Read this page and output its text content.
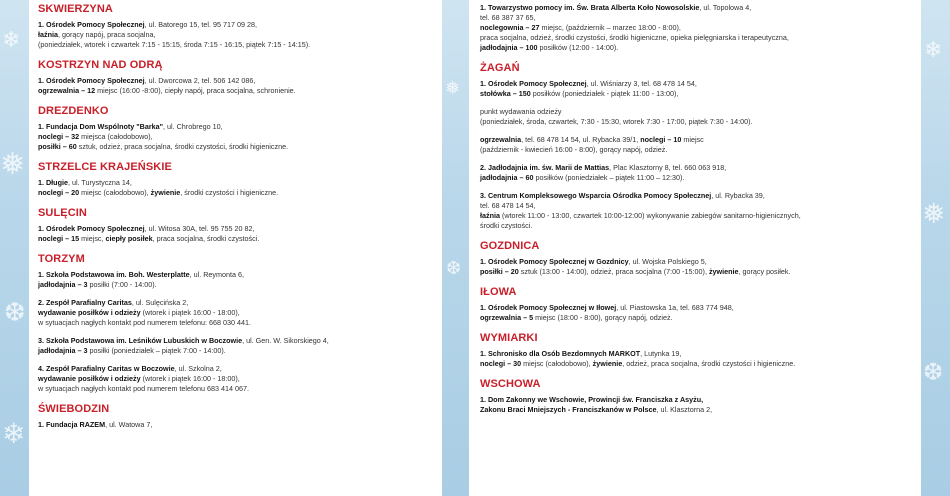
❄
❅
❆
❄
❅
❆
❄
❅
❆
SKWIERZYNA

1. Ośrodek Pomocy Społecznej, ul. Batorego 15, tel. 95 717 09 28,

łaźnia, gorący napój, praca socjalna,

(poniedziałek, wtorek i czwartek 7:15 - 15:15, środa 7:15 - 16:15, piątek 7:15 - 14:15).

KOSTRZYN NAD ODRĄ

1. Ośrodek Pomocy Społecznej, ul. Dworcowa 2, tel. 506 142 086,

ogrzewalnia – 12 miejsc (16:00 -8:00), ciepły napój, praca socjalna, schronienie.

DREZDENKO

1. Fundacja Dom Wspólnoty "Barka", ul. Chrobrego 10,

noclegi – 32 miejsca (całodobowo),

posiłki – 60 sztuk, odzież, praca socjalna, środki czystości, środki higieniczne.

STRZELCE KRAJEŃSKIE

1. Długie, ul. Turystyczna 14,

noclegi – 20 miejsc (całodobowo), żywienie, środki czystości i higieniczne.

SULĘCIN

1. Ośrodek Pomocy Społecznej, ul. Witosa 30A, tel. 95 755 20 82,

noclegi – 15 miejsc, ciepły posiłek, praca socjalna, środki czystości.

TORZYM

1. Szkoła Podstawowa im. Boh. Westerplatte, ul. Reymonta 6,

jadłodajnia – 3 posiłki (7:00 - 14:00).

2. Zespół Parafialny Caritas, ul. Sulęcińska 2,

wydawanie posiłków i odzieży (wtorek i piątek 16:00 - 18:00),

w sytuacjach nagłych kontakt pod numerem telefonu: 668 030 441.

3. Szkoła Podstawowa im. Leśników Lubuskich w Boczowie, ul. Gen. W. Sikorskiego 4,

jadłodajnia – 3 posiłki (poniedziałek – piątek 7:00 - 14:00).

4. Zespół Parafialny Caritas w Boczowie, ul. Szkolna 2,

wydawanie posiłków i odzieży (wtorek i piątek 16:00 - 18:00),

w sytuacjach nagłych kontakt pod numerem telefonu 683 414 067.

ŚWIEBODZIN

1. Fundacja RAZEM, ul. Watowa 7,

1. Towarzystwo pomocy im. Św. Brata Alberta Koło Nowosolskie, ul. Topolowa 4,

tel. 68 387 37 65,

noclegownia – 27 miejsc, (październik – marzec 18:00 - 8:00),

praca socjalna, odzież, środki czystości, środki higieniczne, opieka pielęgniarska i terapeutyczna,

jadłodajnia – 100 posiłków (12:00 - 14:00).

ŻAGAŃ

1. Ośrodek Pomocy Społecznej, ul. Wiśniarzy 3, tel. 68 478 14 54,

stołówka – 150 posiłków (poniedziałek - piątek 11:00 - 13:00),

punkt wydawania odzieży

(poniedziałek, środa, czwartek, 7:30 - 15:30, wtorek 7:30 - 17:00, piątek 7:30 - 14:00).

ogrzewalnia, tel. 68 478 14 54, ul. Rybacka 39/1, noclegi – 10 miejsc

(październik - kwiecień 16:00 - 8:00), gorący napój, odzież.

2. Jadłodajnia im. św. Marii de Mattias, Plac Klasztorny 8, tel. 660 063 918,

jadłodajnia – 60 posiłków (poniedziałek – piątek 11:00 – 12:30).

3. Centrum Kompleksowego Wsparcia Ośrodka Pomocy Społecznej, ul. Rybacka 39,

tel. 68 478 14 54,

łaźnia (wtorek 11:00 - 13:00, czwartek 10:00-12:00) wykonywanie zabiegów sanitarno-higienicznych,

środki czystości.

GOZDNICA

1. Ośrodek Pomocy Społecznej w Gozdnicy, ul. Wojska Polskiego 5,

posiłki – 20 sztuk (13:00 - 14:00), odzież, praca socjalna (7:00 -15:00), żywienie, gorący posiłek.

IŁOWA

1. Ośrodek Pomocy Społecznej w Iłowej, ul. Piastowska 1a, tel. 683 774 948,

ogrzewalnia – 5 miejsc (18:00 - 8:00), gorący napój, odzież.

WYMIARKI

1. Schronisko dla Osób Bezdomnych MARKOT, Lutynka 19,

noclegi – 30 miejsc (całodobowo), żywienie, odzież, praca socjalna, środki czystości i higieniczne.

WSCHOWA

1. Dom Zakonny we Wschowie, Prowincji św. Franciszka z Asyżu,

Zakonu Braci Mniejszych - Franciszkanów w Polsce, ul. Klasztorna 2,
